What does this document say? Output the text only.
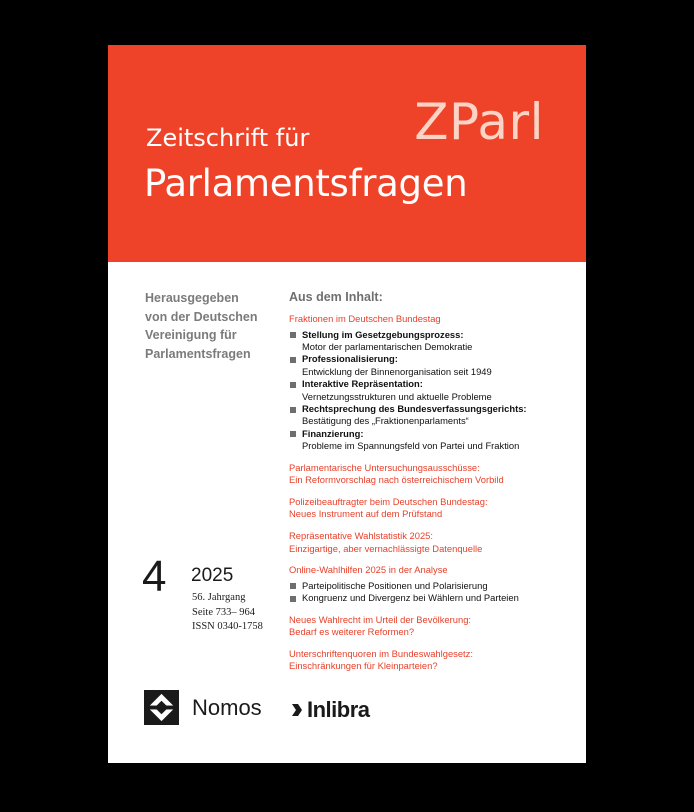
ZParl
Zeitschrift für
Parlamentsfragen
Herausgegeben
von der Deutschen
Vereinigung für
Parlamentsfragen
Aus dem Inhalt:
Fraktionen im Deutschen Bundestag
Stellung im Gesetzgebungsprozess:
Motor der parlamentarischen Demokratie
Professionalisierung:
Entwicklung der Binnenorganisation seit 1949
Interaktive Repräsentation:
Vernetzungsstrukturen und aktuelle Probleme
Rechtsprechung des Bundesverfassungsgerichts:
Bestätigung des „Fraktionenparlaments“
Finanzierung:
Probleme im Spannungsfeld von Partei und Fraktion
Parlamentarische Untersuchungsausschüsse:
Ein Reformvorschlag nach österreichischem Vorbild
Polizeibeauftragter beim Deutschen Bundestag:
Neues Instrument auf dem Prüfstand
Repräsentative Wahlstatistik 2025:
Einzigartige, aber vernachlässigte Datenquelle
Online-Wahlhilfen 2025 in der Analyse
Parteipolitische Positionen und Polarisierung
Kongruenz und Divergenz bei Wählern und Parteien
Neues Wahlrecht im Urteil der Bevölkerung:
Bedarf es weiterer Reformen?
Unterschriftenquoren im Bundeswahlgesetz:
Einschränkungen für Kleinparteien?
4 2025
56. Jahrgang
Seite 733– 964
ISSN 0340-1758
Nomos Inlibra
